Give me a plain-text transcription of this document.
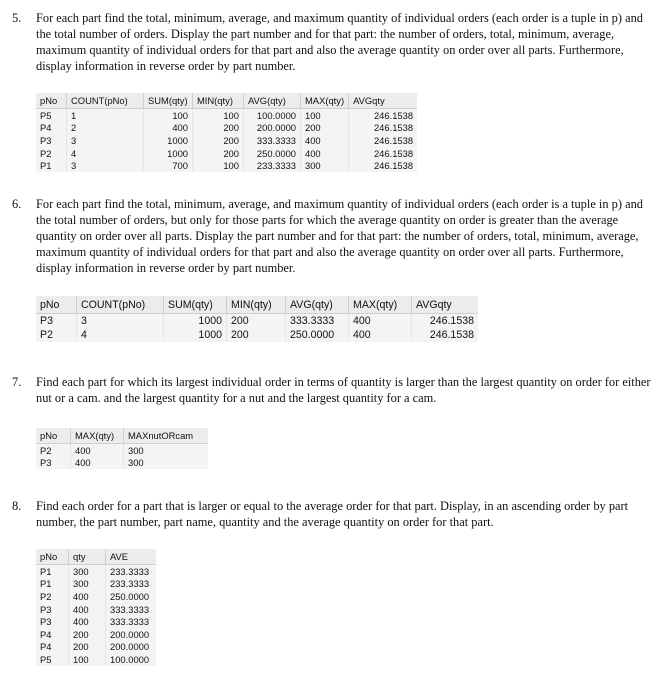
5. For each part find the total, minimum, average, and maximum quantity of individual orders (each order is a tuple in p) and the total number of orders. Display the part number and for that part: the number of orders, total, minimum, average, maximum quantity of individual orders for that part and also the average quantity on order over all parts. Furthermore, display information in reverse order by part number.
pNo	COUNT(pNo)	SUM(qty)	MIN(qty)	AVG(qty)	MAX(qty)	AVGqty
P5	1	100	100	100.0000	100	246.1538
P4	2	400	200	200.0000	200	246.1538
P3	3	1000	200	333.3333	400	246.1538
P2	4	1000	200	250.0000	400	246.1538
P1	3	700	100	233.3333	300	246.1538
6. For each part find the total, minimum, average, and maximum quantity of individual orders (each order is a tuple in p) and the total number of orders, but only for those parts for which the average quantity on order is greater than the average quantity on order over all parts. Display the part number and for that part: the number of orders, total, minimum, average, maximum quantity of individual orders for that part and also the average quantity on order over all parts. Furthermore, display information in reverse order by part number.
pNo	COUNT(pNo)	SUM(qty)	MIN(qty)	AVG(qty)	MAX(qty)	AVGqty
P3	3	1000	200	333.3333	400	246.1538
P2	4	1000	200	250.0000	400	246.1538
7. Find each part for which its largest individual order in terms of quantity is larger than the largest quantity on order for either nut or a cam. and the largest quantity for a nut and the largest quantity for a cam.
pNo	MAX(qty)	MAXnutORcam
P2	400	300
P3	400	300
8. Find each order for a part that is larger or equal to the average order for that part. Display, in an ascending order by part number, the part number, part name, quantity and the average quantity on order for that part.
pNo	qty	AVE
P1	300	233.3333
P1	300	233.3333
P2	400	250.0000
P3	400	333.3333
P3	400	333.3333
P4	200	200.0000
P4	200	200.0000
P5	100	100.0000
